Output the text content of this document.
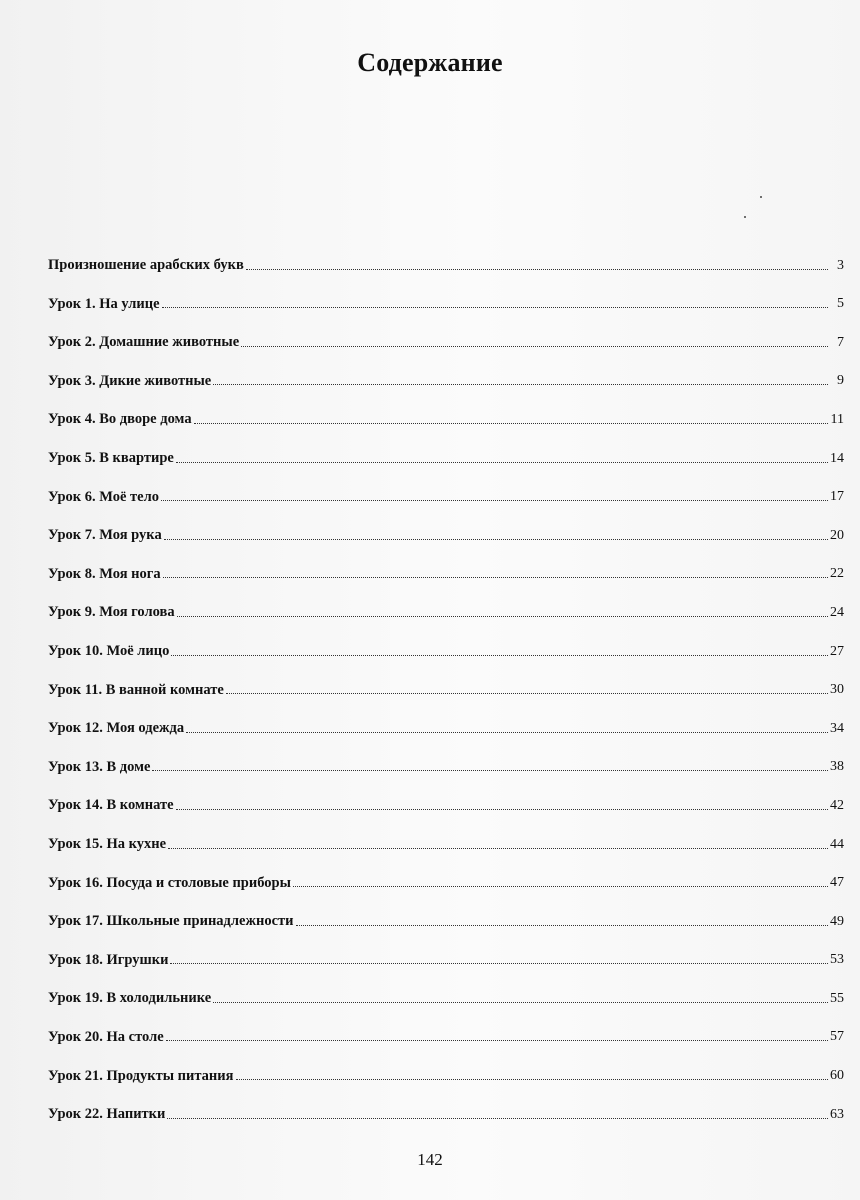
Содержание
Произношение арабских букв	3
Урок 1. На улице	5
Урок 2. Домашние животные	7
Урок 3. Дикие животные	9
Урок 4. Во дворе дома	11
Урок 5. В квартире	14
Урок 6. Моё тело	17
Урок 7. Моя рука	20
Урок 8. Моя нога	22
Урок 9. Моя голова	24
Урок 10. Моё лицо	27
Урок 11. В ванной комнате	30
Урок 12. Моя одежда	34
Урок 13. В доме	38
Урок 14. В комнате	42
Урок 15. На кухне	44
Урок 16. Посуда и столовые приборы	47
Урок 17. Школьные принадлежности	49
Урок 18. Игрушки	53
Урок 19. В холодильнике	55
Урок 20. На столе	57
Урок 21. Продукты питания	60
Урок 22. Напитки	63
142
